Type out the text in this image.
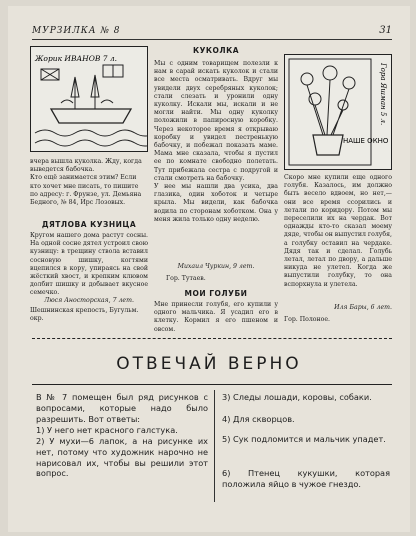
МУРЗИЛКА № 8	31
Жорик ИВАНОВ 7 л.
вчера вышла куколка. Жду, когда выведется бабочка.
Кто ещё занимается этим? Если кто хочет мне писать, то пишите по адресу: г. Фрунзе, ул. Демьяна Бедного, № 84, Ирс Лозовых.
ДЯТЛОВА КУЗНИЦА
Кругом нашего дома растут сосны. На одной сосне дятел устроил свою кузницу: в трещину ствола вставил сосновую шишку, когтями вцепился в кору, упираясь на свой жёсткий хвост, и крепким клювом долбит шишку и добывает вкусное семечко.
Люся Аносторская, 7 лет.
Шешнинская крепость, Бугульм. окр.
КУКОЛКА
Мы с одним товарищем полезли к нам в сарай искать куколок и стали все места осматривать. Вдруг мы увидели двух серебряных куколок; стали слезать и уронили одну куколку. Искали мы, искали и не могли найти. Мы одну куколку положили в папиросную коробку. Через некоторое время я открываю коробку и увидел пестренькую бабочку, и побежал показать маме. Мама мне сказала, чтобы я пустил ее по комнате свободно полетать. Тут прибежала сестра с подругой и стали смотреть на бабочку.
У нее мы нашли два усика, два глазика, один хоботок и четыре крыла. Мы видели, как бабочка водила по сторонам хоботком. Она у меня жила только одну неделю.
Михаил Чуркин, 9 лет.
Гор. Тутаев.
МОИ ГОЛУБИ
Мне принесли голубя, его купили у одного мальчика. Я усадил его в клетку. Кормил я его пшеном и овсом.
НАШЕ ОКНО
Гора Яшман 5 л.
Скоро мне купили еще одного голубя. Казалось, им должно быть весело вдвоем, но нет,— они все время ссорились и летали по коридору. Потом мы переселили их на чердак. Вот однажды кто-то сказал моему дяде, чтобы он выпустил голубя, а голубку оставил на чердаке. Дядя так и сделал. Голубь летал, летал по двору, а дальше никуда не улетел. Когда же выпустили голубку, то она вспорхнула и улетела.
Иля Бары, 6 лет.
Гор. Полоное.
ОТВЕЧАЙ ВЕРНО
В № 7 помещен был ряд рисунков с вопросами, которые надо было разрешить. Вот ответы:
1) У него нет красного галстука.
2) У мухи—6 лапок, а на рисунке их нет, потому что художник нарочно не нарисовал их, чтобы вы решили этот вопрос.
3) Следы лошади, коровы, собаки.
4) Для скворцов.
5) Сук подломится и мальчик упадет.
6) Птенец кукушки, которая положила яйцо в чужое гнездо.
